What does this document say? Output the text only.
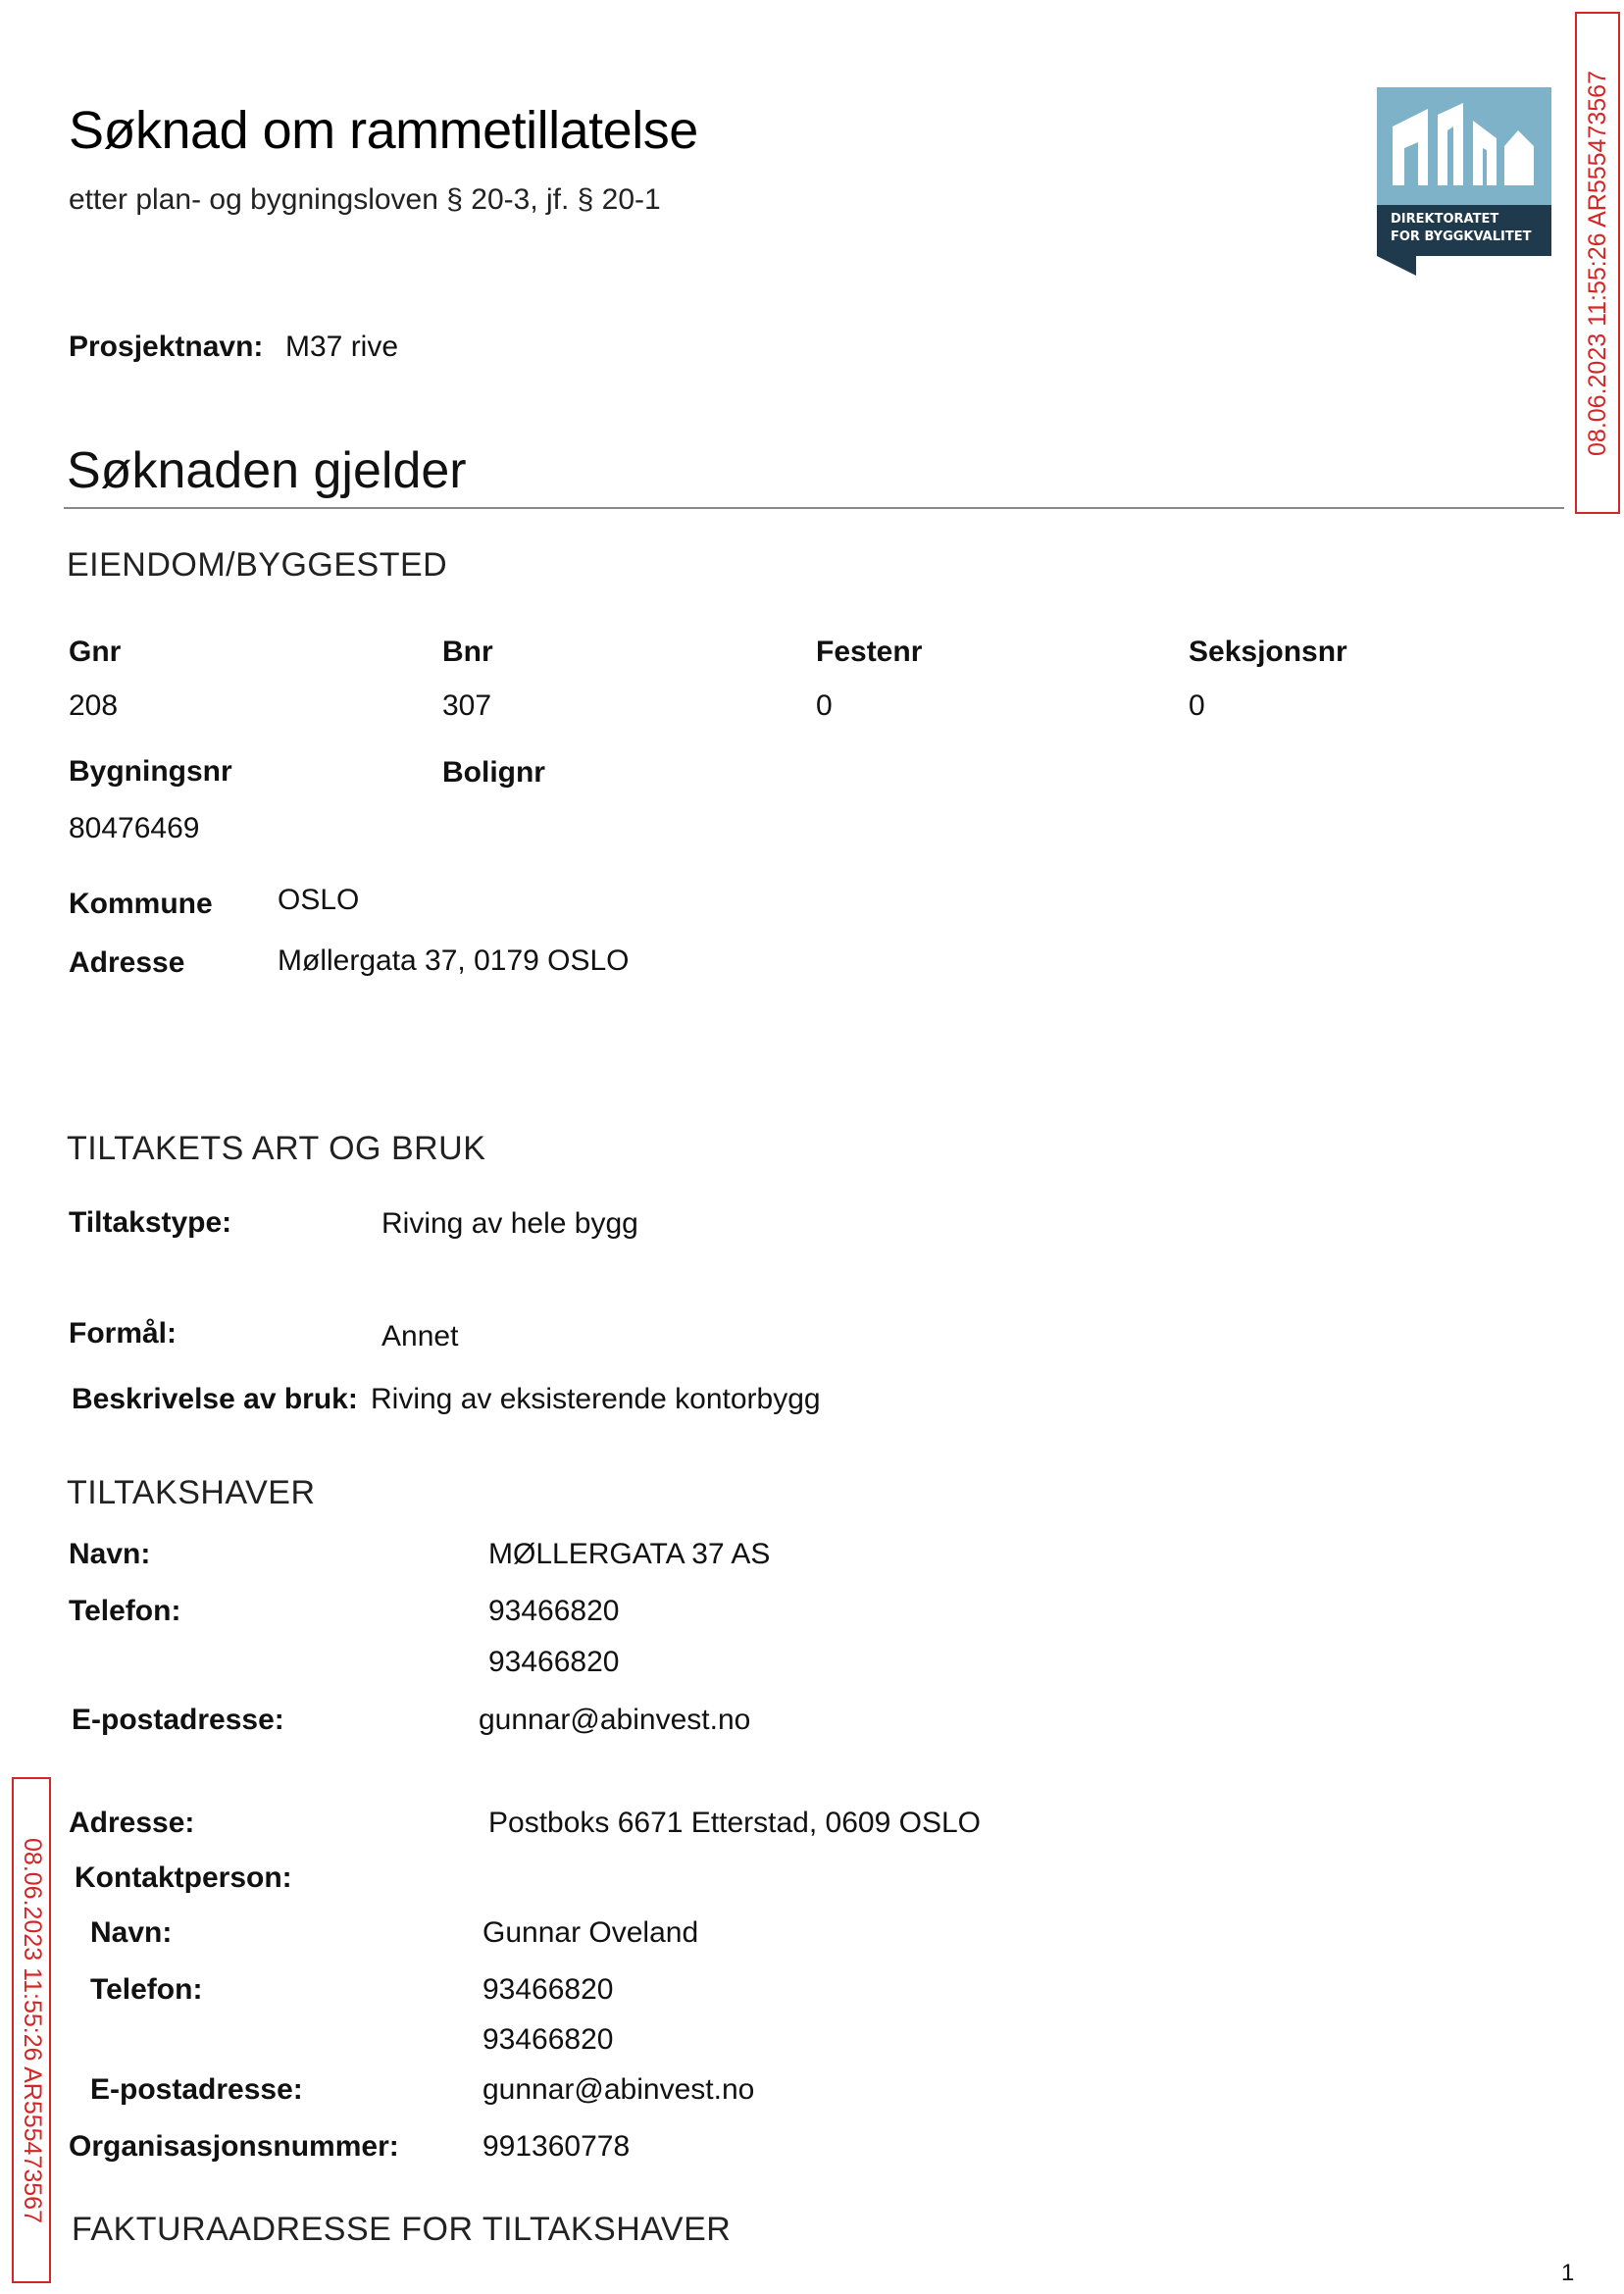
Søknad om rammetillatelse
etter plan- og bygningsloven § 20-3, jf. § 20-1
DIREKTORATET
FOR BYGGKVALITET 08.06.2023 11:55:26 AR555473567
08.06.2023 11:55:26 AR555473567
Prosjektnavn: M37 rive
Søknaden gjelder
EIENDOM/BYGGESTED
Gnr	Bnr	Festenr	Seksjonsnr
208	307	0	0
Bygningsnr	Bolignr
80476469
Kommune OSLO
Adresse	Møllergata 37, 0179 OSLO
TILTAKETS ART OG BRUK
Tiltakstype:	Riving av hele bygg
Formål:	Annet
Beskrivelse av bruk: Riving av eksisterende kontorbygg
TILTAKSHAVER
Navn:	MØLLERGATA 37 AS
Telefon:	93466820
93466820
E-postadresse:	gunnar@abinvest.no
Adresse:	Postboks 6671 Etterstad, 0609 OSLO
Kontaktperson:
Navn:	Gunnar Oveland
Telefon:	93466820
93466820
E-postadresse:	gunnar@abinvest.no
Organisasjonsnummer:	991360778
FAKTURAADRESSE FOR TILTAKSHAVER
1
